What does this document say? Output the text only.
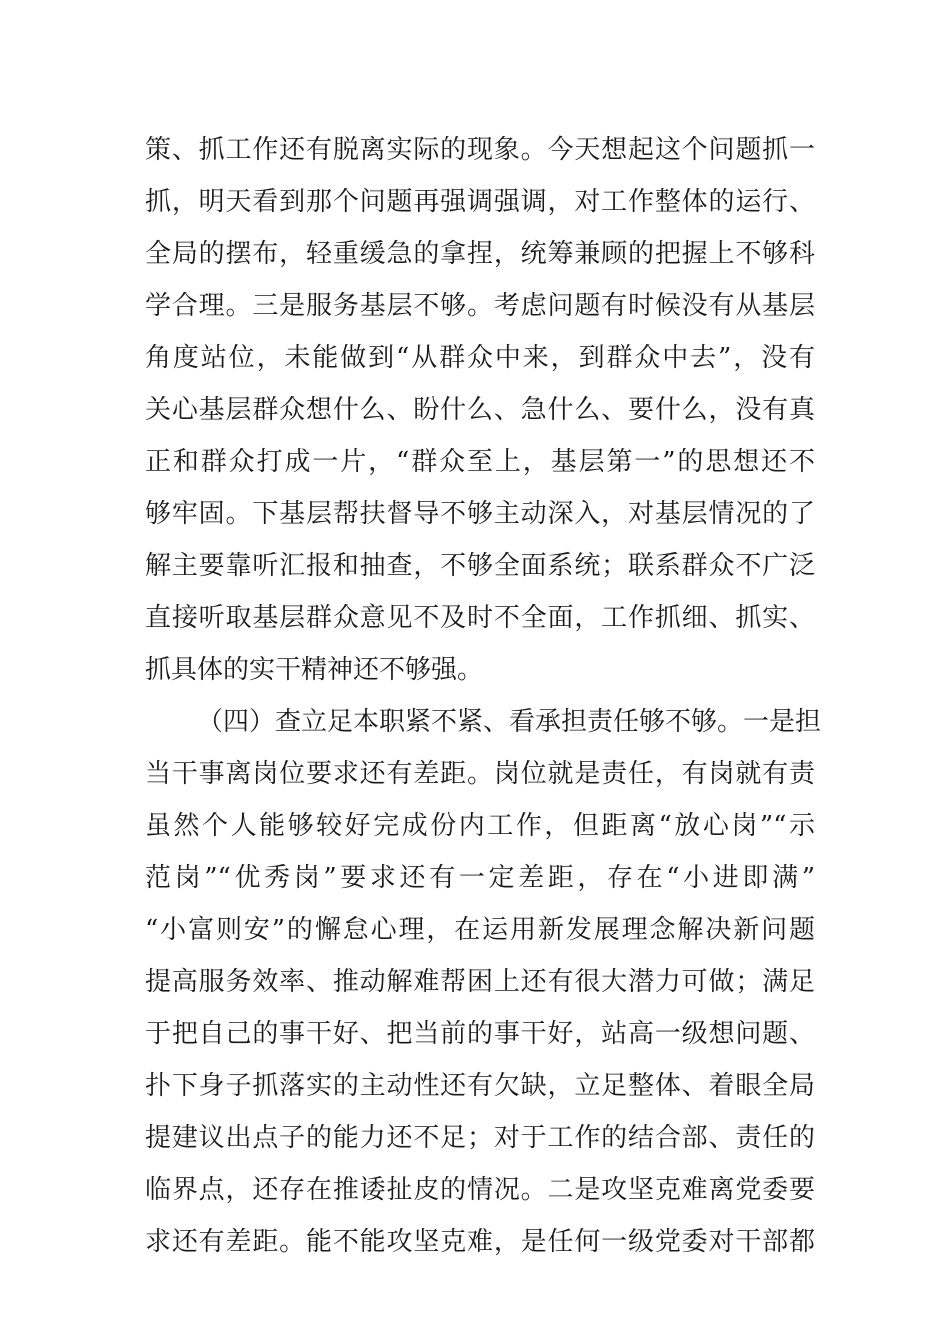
策、抓工作还有脱离实际的现象。今天想起这个问题抓一
抓，明天看到那个问题再强调强调，对工作整体的运行、
全局的摆布，轻重缓急的拿捏，统筹兼顾的把握上不够科
学合理。三是服务基层不够。考虑问题有时候没有从基层
角度站位，未能做到“从群众中来，到群众中去”，没有
关心基层群众想什么、盼什么、急什么、要什么，没有真
正和群众打成一片，“群众至上，基层第一”的思想还不
够牢固。下基层帮扶督导不够主动深入，对基层情况的了
解主要靠听汇报和抽查，不够全面系统；联系群众不广泛
直接听取基层群众意见不及时不全面，工作抓细、抓实、
抓具体的实干精神还不够强。
（四）查立足本职紧不紧、看承担责任够不够。一是担
当干事离岗位要求还有差距。岗位就是责任，有岗就有责
虽然个人能够较好完成份内工作，但距离“放心岗”“示
范岗”“优秀岗”要求还有一定差距，存在“小进即满”
“小富则安”的懈怠心理，在运用新发展理念解决新问题
提高服务效率、推动解难帮困上还有很大潜力可做；满足
于把自己的事干好、把当前的事干好，站高一级想问题、
扑下身子抓落实的主动性还有欠缺，立足整体、着眼全局
提建议出点子的能力还不足；对于工作的结合部、责任的
临界点，还存在推诿扯皮的情况。二是攻坚克难离党委要
求还有差距。能不能攻坚克难，是任何一级党委对干部都
